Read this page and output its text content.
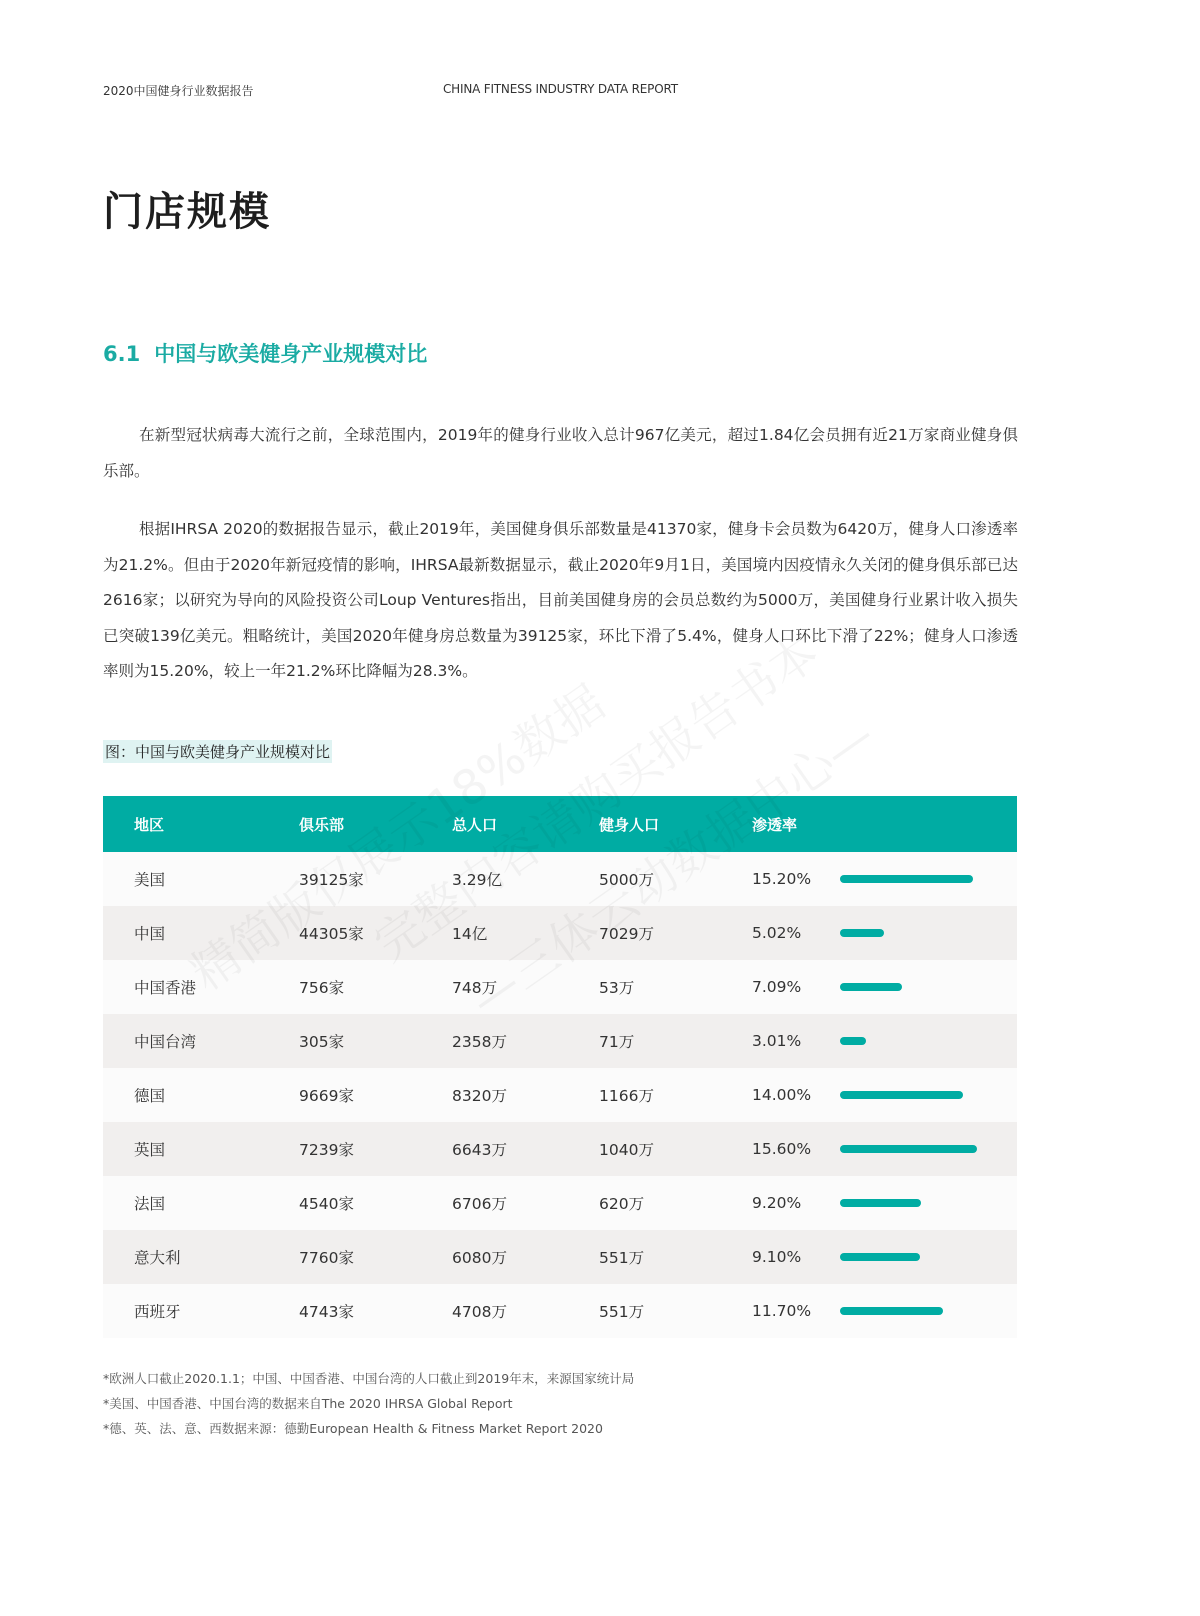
2020中国健身行业数据报告	CHINA FITNESS INDUSTRY DATA REPORT
门店规模
6.1 中国与欧美健身产业规模对比

在新型冠状病毒大流行之前，全球范围内，2019年的健身行业收入总计967亿美元，超过1.84亿会员拥有近21万家商业健身俱乐部。

根据IHRSA 2020的数据报告显示，截止2019年，美国健身俱乐部数量是41370家，健身卡会员数为6420万，健身人口渗透率为21.2%。但由于2020年新冠疫情的影响，IHRSA最新数据显示，截止2020年9月1日，美国境内因疫情永久关闭的健身俱乐部已达2616家；以研究为导向的风险投资公司Loup Ventures指出，目前美国健身房的会员总数约为5000万，美国健身行业累计收入损失已突破139亿美元。粗略统计，美国2020年健身房总数量为39125家，环比下滑了5.4%，健身人口环比下滑了22%；健身人口渗透率则为15.20%，较上一年21.2%环比降幅为28.3%。

图：中国与欧美健身产业规模对比
地区	俱乐部	总人口	健身人口	渗透率
美国	39125家	3.29亿	5000万	15.20%
中国	44305家	14亿	7029万	5.02%
中国香港	756家	748万	53万	7.09%
中国台湾	305家	2358万	71万	3.01%
德国	9669家	8320万	1166万	14.00%
英国	7239家	6643万	1040万	15.60%
法国	4540家	6706万	620万	9.20%
意大利	7760家	6080万	551万	9.10%
西班牙	4743家	4708万	551万	11.70%
*欧洲人口截止2020.1.1；中国、中国香港、中国台湾的人口截止到2019年末，来源国家统计局
*美国、中国香港、中国台湾的数据来自The 2020 IHRSA Global Report
*德、英、法、意、西数据来源：德勤European Health & Fitness Market Report 2020
